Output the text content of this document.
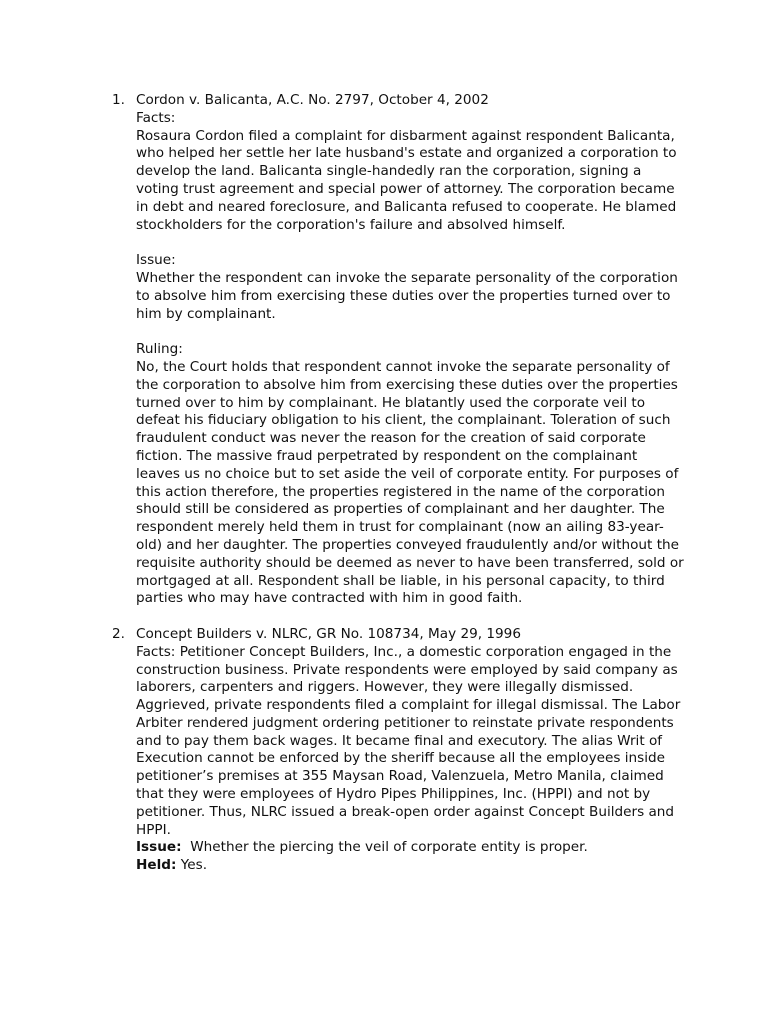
1. Cordon v. Balicanta, A.C. No. 2797, October 4, 2002

Facts:

Rosaura Cordon filed a complaint for disbarment against respondent Balicanta, who helped her settle her late husband's estate and organized a corporation to develop the land. Balicanta single-handedly ran the corporation, signing a voting trust agreement and special power of attorney. The corporation became in debt and neared foreclosure, and Balicanta refused to cooperate. He blamed stockholders for the corporation's failure and absolved himself.

Issue:

Whether the respondent can invoke the separate personality of the corporation to absolve him from exercising these duties over the properties turned over to him by complainant.

Ruling:

No, the Court holds that respondent cannot invoke the separate personality of the corporation to absolve him from exercising these duties over the properties turned over to him by complainant. He blatantly used the corporate veil to defeat his fiduciary obligation to his client, the complainant. Toleration of such fraudulent conduct was never the reason for the creation of said corporate fiction. The massive fraud perpetrated by respondent on the complainant leaves us no choice but to set aside the veil of corporate entity. For purposes of this action therefore, the properties registered in the name of the corporation should still be considered as properties of complainant and her daughter. The respondent merely held them in trust for complainant (now an ailing 83-year-old) and her daughter. The properties conveyed fraudulently and/or without the requisite authority should be deemed as never to have been transferred, sold or mortgaged at all. Respondent shall be liable, in his personal capacity, to third parties who may have contracted with him in good faith.

2. Concept Builders v. NLRC, GR No. 108734, May 29, 1996

Facts: Petitioner Concept Builders, Inc., a domestic corporation engaged in the construction business. Private respondents were employed by said company as laborers, carpenters and riggers. However, they were illegally dismissed.

Aggrieved, private respondents filed a complaint for illegal dismissal. The Labor Arbiter rendered judgment ordering petitioner to reinstate private respondents and to pay them back wages. It became final and executory. The alias Writ of Execution cannot be enforced by the sheriff because all the employees inside petitioner’s premises at 355 Maysan Road, Valenzuela, Metro Manila, claimed that they were employees of Hydro Pipes Philippines, Inc. (HPPI) and not by petitioner. Thus, NLRC issued a break-open order against Concept Builders and HPPI.

Issue: Whether the piercing the veil of corporate entity is proper.

Held: Yes.
